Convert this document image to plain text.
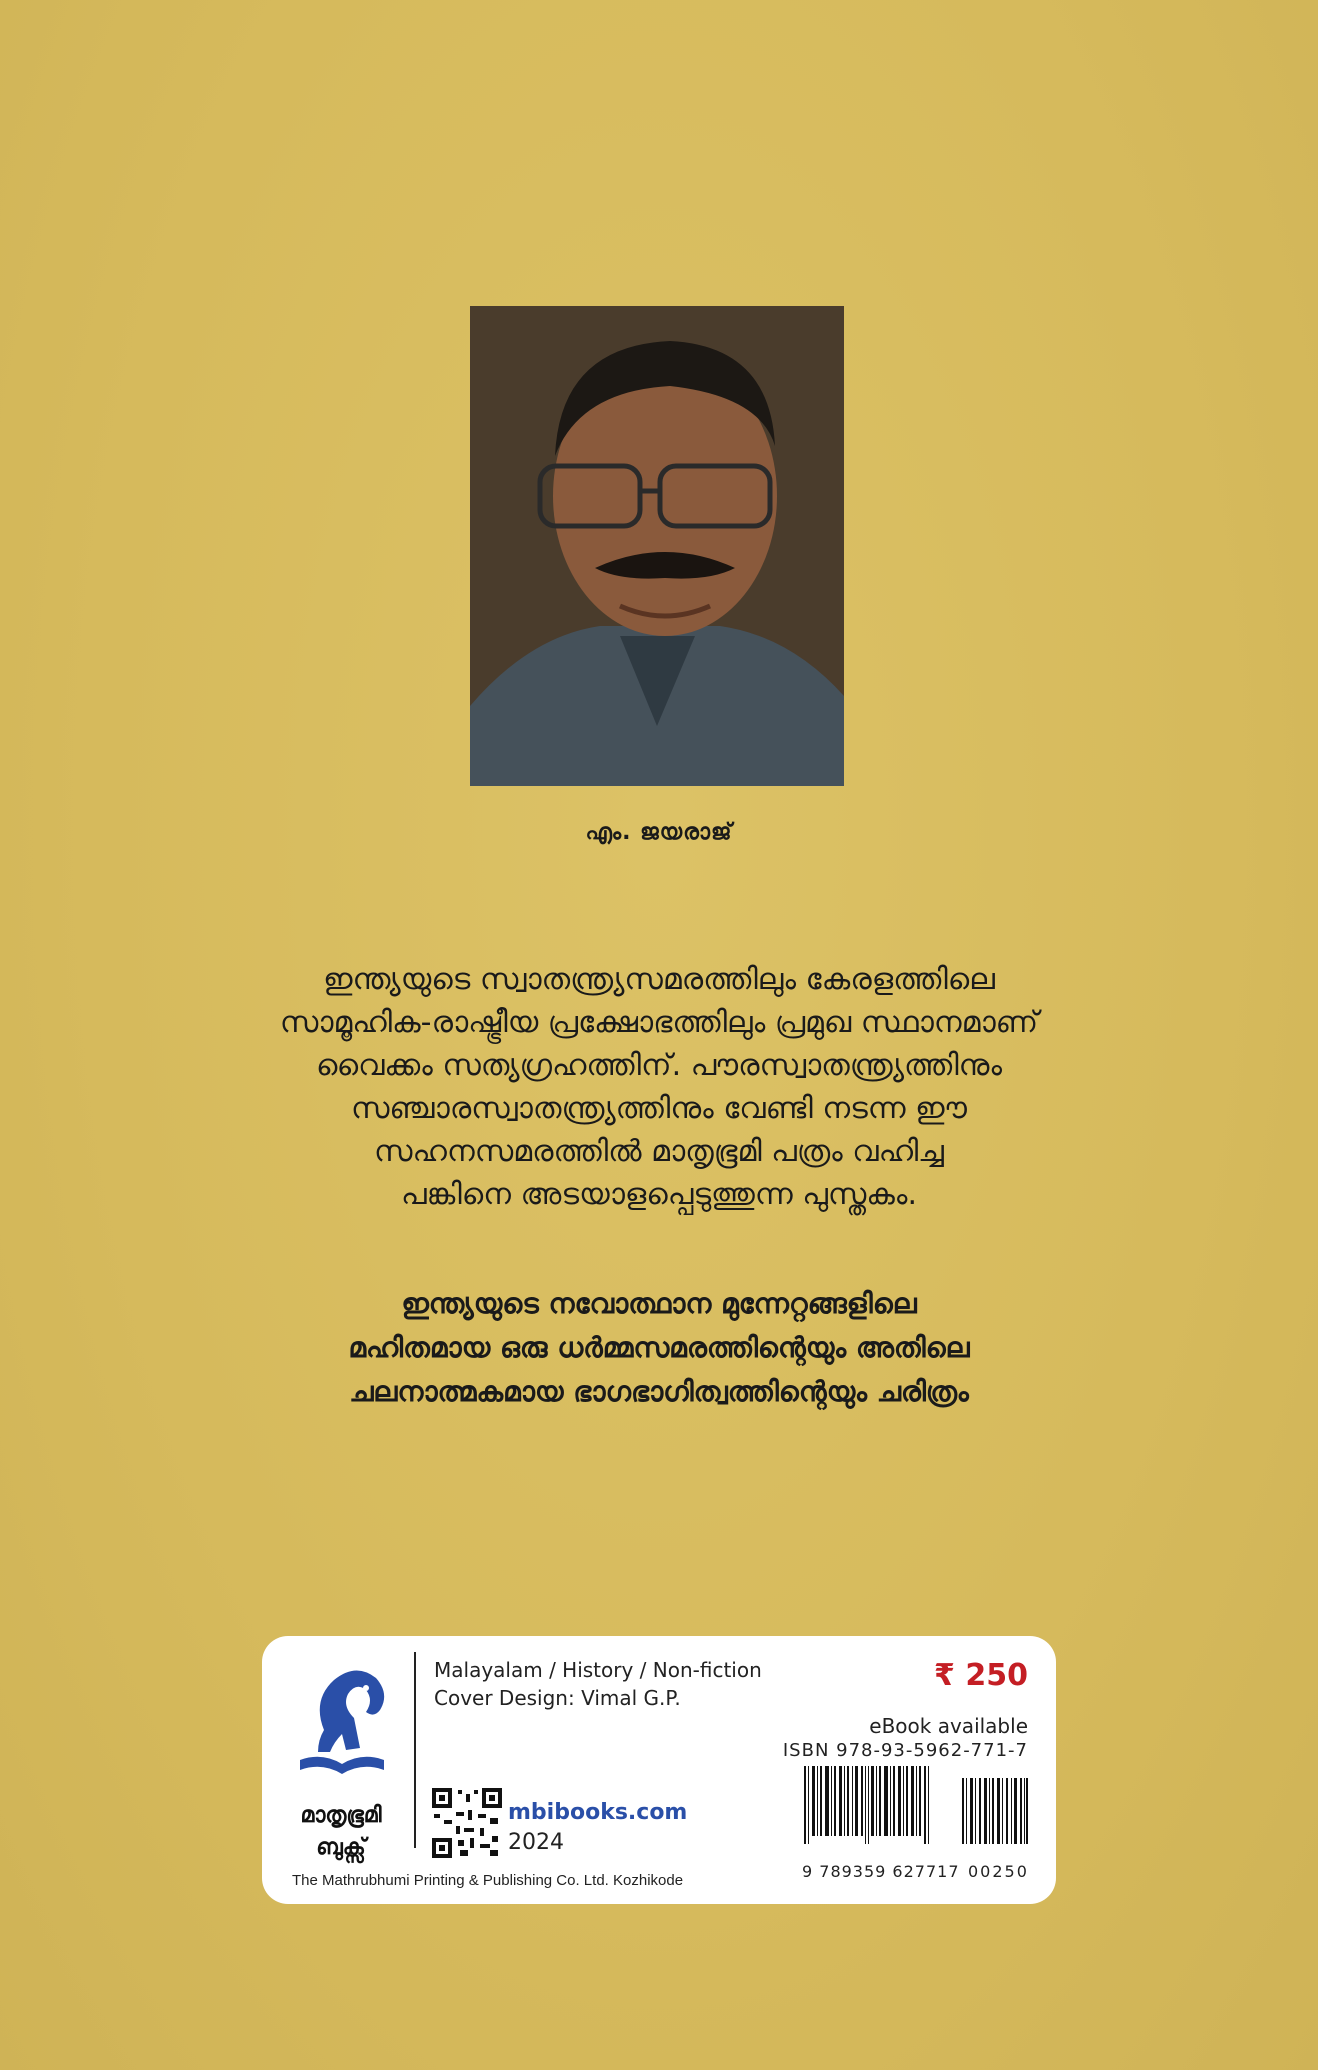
എം. ജയരാജ്
ഇന്ത്യയുടെ സ്വാതന്ത്ര്യസമരത്തിലും കേരളത്തിലെ
സാമൂഹിക-രാഷ്ട്രീയ പ്രക്ഷോഭത്തിലും പ്രമുഖ സ്ഥാനമാണ്
വൈക്കം സത്യഗ്രഹത്തിന്. പൗരസ്വാതന്ത്ര്യത്തിനും
സഞ്ചാരസ്വാതന്ത്ര്യത്തിനും വേണ്ടി നടന്ന ഈ
സഹനസമരത്തിൽ മാതൃഭൂമി പത്രം വഹിച്ച
പങ്കിനെ അടയാളപ്പെടുത്തുന്ന പുസ്തകം.
ഇന്ത്യയുടെ നവോത്ഥാന മുന്നേറ്റങ്ങളിലെ
മഹിതമായ ഒരു ധർമ്മസമരത്തിന്റെയും അതിലെ
ചലനാത്മകമായ ഭാഗഭാഗിത്വത്തിന്റെയും ചരിത്രം
മാതൃഭൂമി
ബുക്സ്
Malayalam / History / Non-fiction
Cover Design: Vimal G.P.
₹ 250
eBook available
ISBN 978-93-5962-771-7
9 789359 627717 00250
mbibooks.com
2024
The Mathrubhumi Printing & Publishing Co. Ltd. Kozhikode
